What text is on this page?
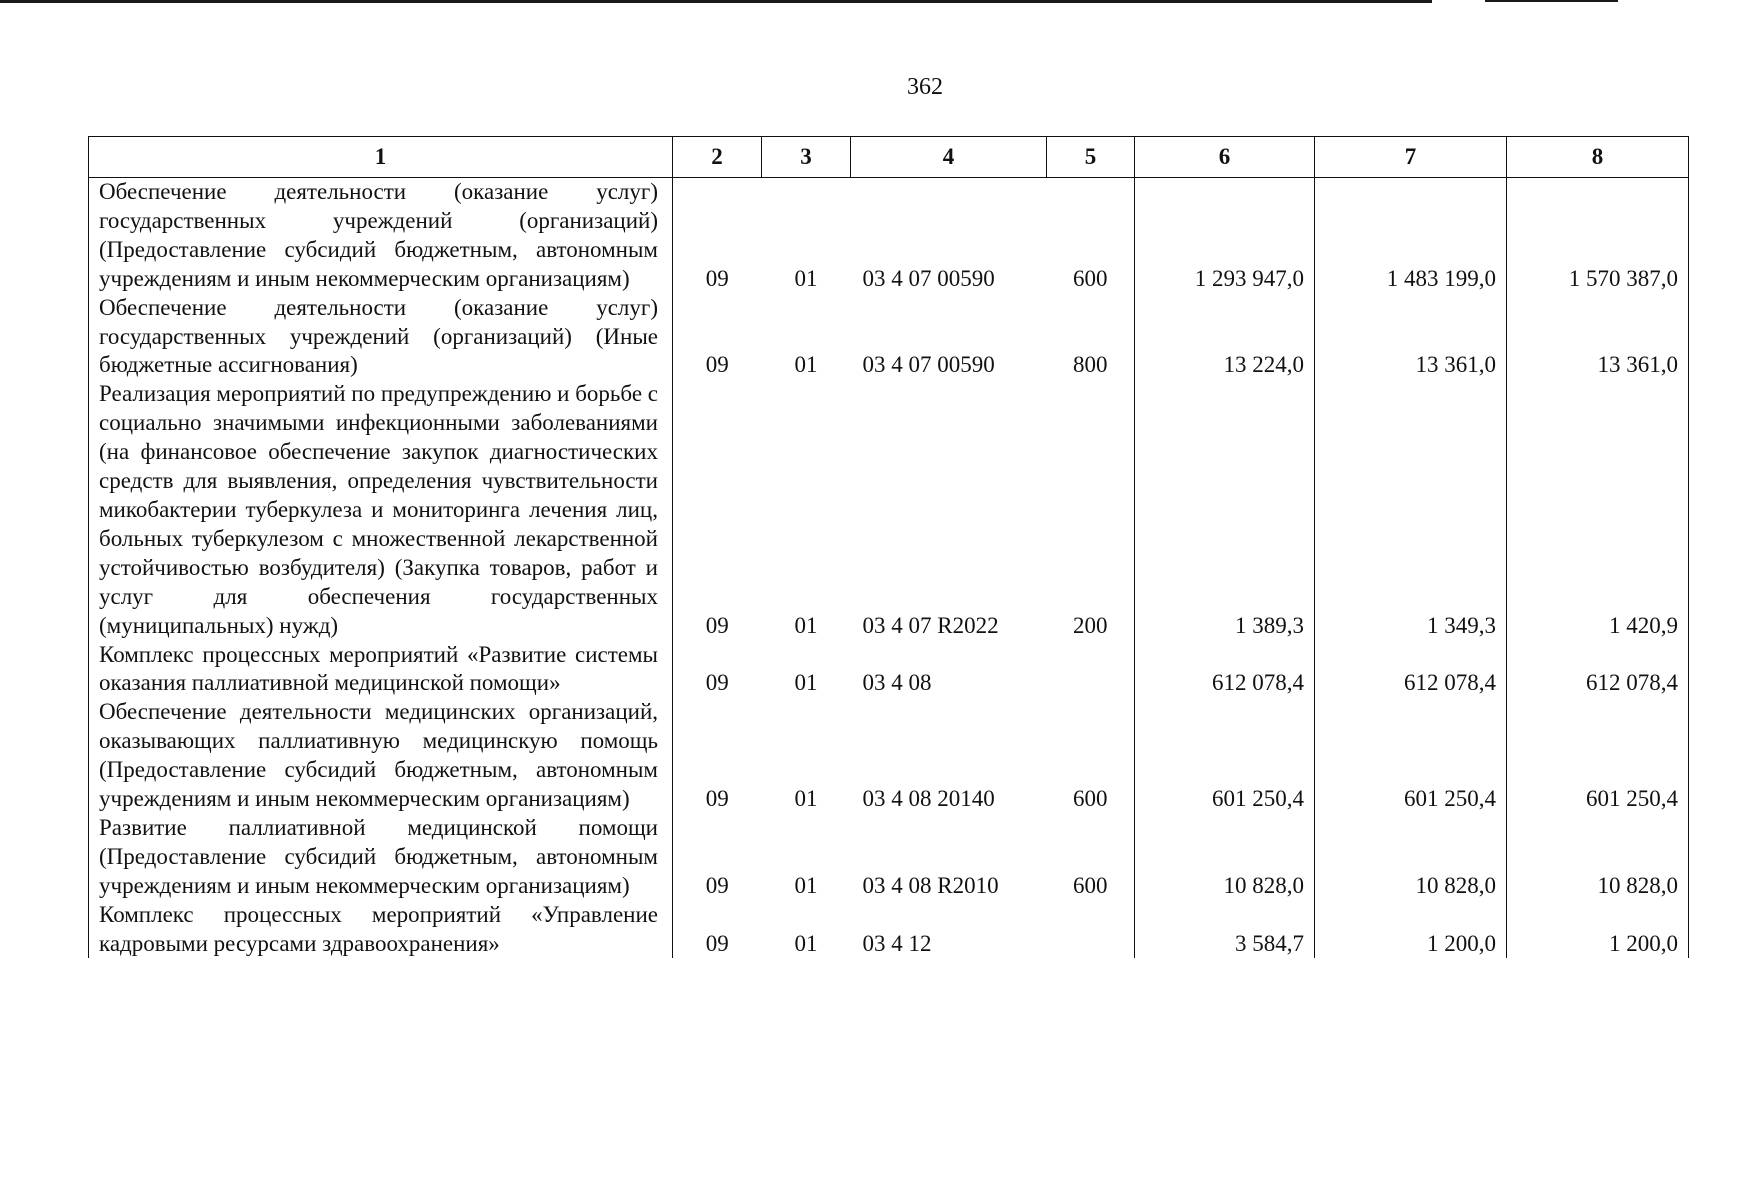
362
1	2	3	4	5	6	7	8
Обеспечение деятельности (оказание услуг) государственных учреждений (организаций) (Предоставление субсидий бюджетным, автономным учреждениям и иным некоммерческим организациям)	09	01	03 4 07 00590	600	1 293 947,0	1 483 199,0	1 570 387,0
Обеспечение деятельности (оказание услуг) государственных учреждений (организаций) (Иные бюджетные ассигнования)	09	01	03 4 07 00590	800	13 224,0	13 361,0	13 361,0
Реализация мероприятий по предупреждению и борьбе с социально значимыми инфекционными заболеваниями (на финансовое обеспечение закупок диагностических средств для выявления, определения чувствительности микобактерии туберкулеза и мониторинга лечения лиц, больных туберкулезом с множественной лекарственной устойчивостью возбудителя) (Закупка товаров, работ и услуг для обеспечения государственных (муниципальных) нужд)	09	01	03 4 07 R2022	200	1 389,3	1 349,3	1 420,9
Комплекс процессных мероприятий «Развитие системы оказания паллиативной медицинской помощи»	09	01	03 4 08		612 078,4	612 078,4	612 078,4
Обеспечение деятельности медицинских организаций, оказывающих паллиативную медицинскую помощь (Предоставление субсидий бюджетным, автономным учреждениям и иным некоммерческим организациям)	09	01	03 4 08 20140	600	601 250,4	601 250,4	601 250,4
Развитие паллиативной медицинской помощи (Предоставление субсидий бюджетным, автономным учреждениям и иным некоммерческим организациям)	09	01	03 4 08 R2010	600	10 828,0	10 828,0	10 828,0
Комплекс процессных мероприятий «Управление кадровыми ресурсами здравоохранения»	09	01	03 4 12		3 584,7	1 200,0	1 200,0
